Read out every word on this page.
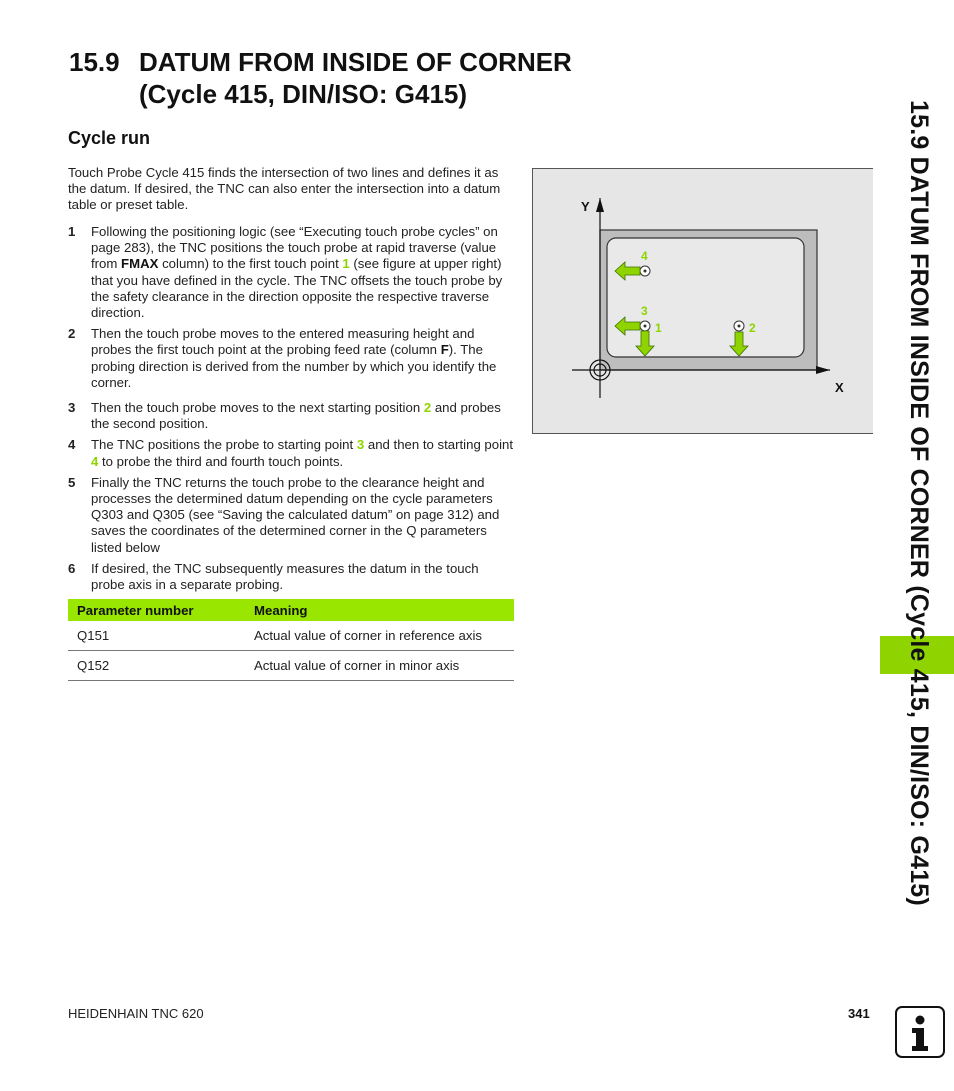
15.9 DATUM FROM INSIDE OF CORNER
(Cycle 415, DIN/ISO: G415)
Cycle run
Touch Probe Cycle 415 finds the intersection of two lines and defines it as the datum. If desired, the TNC can also enter the intersection into a datum table or preset table.
1 Following the positioning logic (see “Executing touch probe cycles” on page 283), the TNC positions the touch probe at rapid traverse (value from FMAX column) to the first touch point 1 (see figure at upper right) that you have defined in the cycle. The TNC offsets the touch probe by the safety clearance in the direction opposite the respective traverse direction.
2 Then the touch probe moves to the entered measuring height and probes the first touch point at the probing feed rate (column F). The probing direction is derived from the number by which you identify the corner.
3 Then the touch probe moves to the next starting position 2 and probes the second position.
4 The TNC positions the probe to starting point 3 and then to starting point 4 to probe the third and fourth touch points.
5 Finally the TNC returns the touch probe to the clearance height and processes the determined datum depending on the cycle parameters Q303 and Q305 (see “Saving the calculated datum” on page 312) and saves the coordinates of the determined corner in the Q parameters listed below
6 If desired, the TNC subsequently measures the datum in the touch probe axis in a separate probing.
Parameter number	Meaning
Q151	Actual value of corner in reference axis
Q152	Actual value of corner in minor axis
Y
X
4
3
1	2	15.9 DATUM FROM INSIDE OF CORNER (Cycle 415, DIN/ISO: G415)
HEIDENHAIN TNC 620	341
